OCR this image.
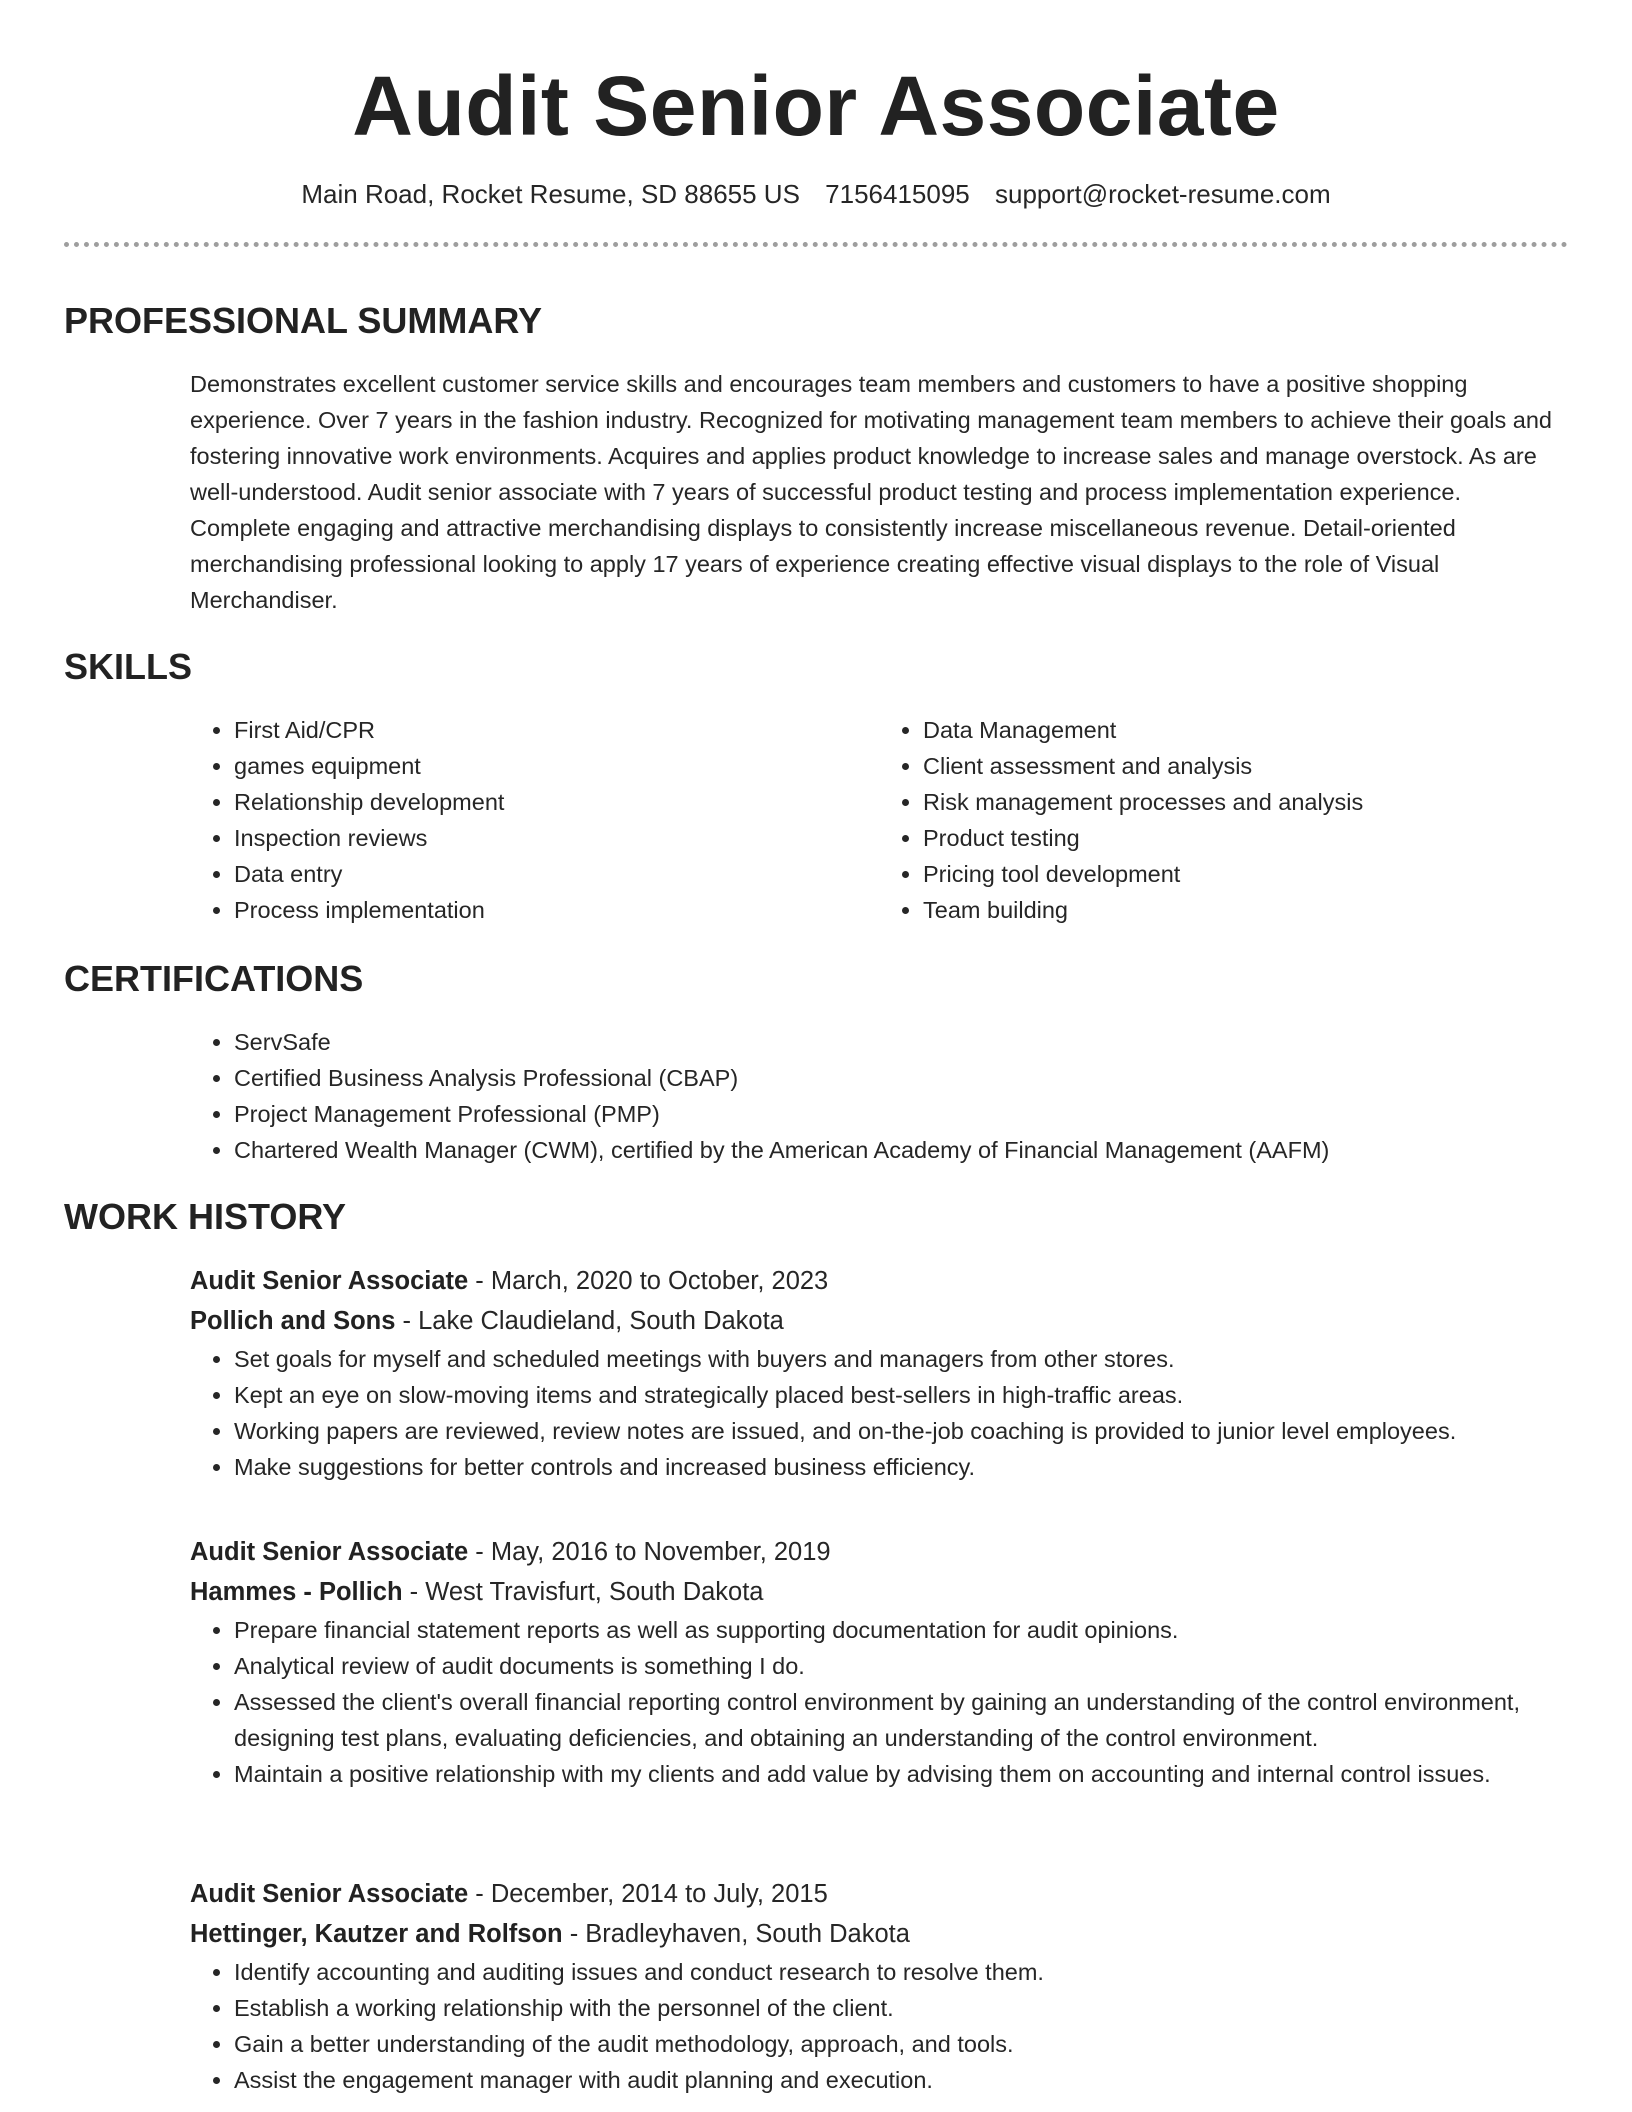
Audit Senior Associate
Main Road, Rocket Resume, SD 88655 US 7156415095 support@rocket-resume.com
PROFESSIONAL SUMMARY
Demonstrates excellent customer service skills and encourages team members and customers to have a positive shopping experience. Over 7 years in the fashion industry. Recognized for motivating management team members to achieve their goals and fostering innovative work environments. Acquires and applies product knowledge to increase sales and manage overstock. As are well-understood. Audit senior associate with 7 years of successful product testing and process implementation experience. Complete engaging and attractive merchandising displays to consistently increase miscellaneous revenue. Detail-oriented merchandising professional looking to apply 17 years of experience creating effective visual displays to the role of Visual Merchandiser.
SKILLS
• First Aid/CPR
• games equipment
• Relationship development
• Inspection reviews
• Data entry
• Process implementation
• Data Management
• Client assessment and analysis
• Risk management processes and analysis
• Product testing
• Pricing tool development
• Team building
CERTIFICATIONS
• ServSafe
• Certified Business Analysis Professional (CBAP)
• Project Management Professional (PMP)
• Chartered Wealth Manager (CWM), certified by the American Academy of Financial Management (AAFM)
WORK HISTORY
Audit Senior Associate - March, 2020 to October, 2023
Pollich and Sons - Lake Claudieland, South Dakota
• Set goals for myself and scheduled meetings with buyers and managers from other stores.
• Kept an eye on slow-moving items and strategically placed best-sellers in high-traffic areas.
• Working papers are reviewed, review notes are issued, and on-the-job coaching is provided to junior level employees.
• Make suggestions for better controls and increased business efficiency.
Audit Senior Associate - May, 2016 to November, 2019
Hammes - Pollich - West Travisfurt, South Dakota
• Prepare financial statement reports as well as supporting documentation for audit opinions.
• Analytical review of audit documents is something I do.
• Assessed the client's overall financial reporting control environment by gaining an understanding of the control environment, designing test plans, evaluating deficiencies, and obtaining an understanding of the control environment.
• Maintain a positive relationship with my clients and add value by advising them on accounting and internal control issues.
Audit Senior Associate - December, 2014 to July, 2015
Hettinger, Kautzer and Rolfson - Bradleyhaven, South Dakota
• Identify accounting and auditing issues and conduct research to resolve them.
• Establish a working relationship with the personnel of the client.
• Gain a better understanding of the audit methodology, approach, and tools.
• Assist the engagement manager with audit planning and execution.
